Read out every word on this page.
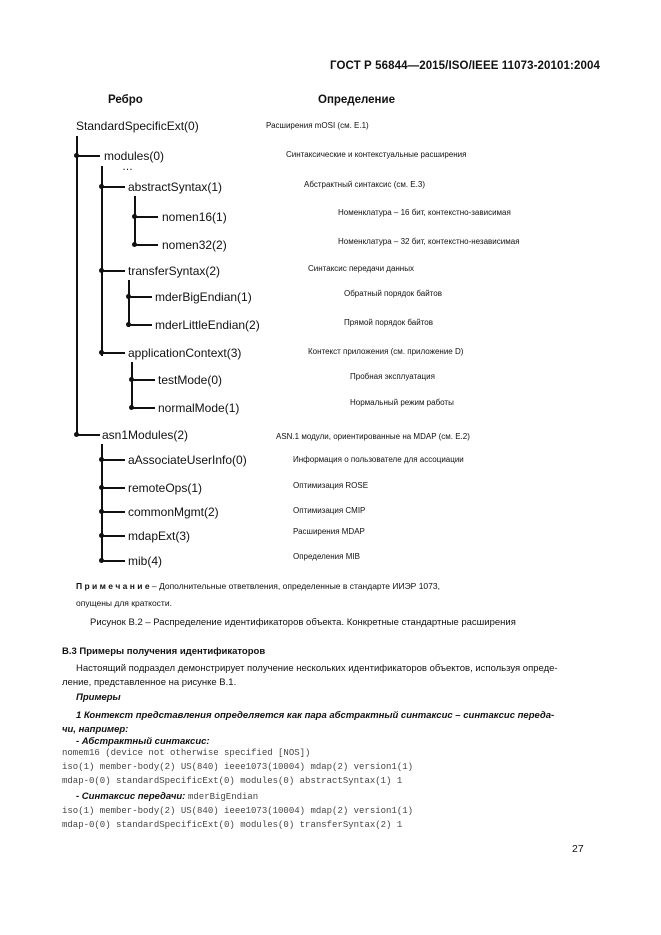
ГОСТ Р 56844—2015/ISO/IEEE 11073-20101:2004
Ребро	Определение
StandardSpecificExt(0)
modules(0)
…
abstractSyntax(1)
nomen16(1)
nomen32(2)
transferSyntax(2)
mderBigEndian(1)
mderLittleEndian(2)
applicationContext(3)
testMode(0)
normalMode(1)
asn1Modules(2)
aAssociateUserInfo(0)
remoteOps(1)
commonMgmt(2)
mdapExt(3)
mib(4)
Расширения mOSI (см. Е.1)
Синтаксические и контекстуальные расширения
Абстрактный синтаксис (см. Е.3)
Номенклатура – 16 бит, контекстно-зависимая
Номенклатура – 32 бит, контекстно-независимая
Синтаксис передачи данных
Обратный порядок байтов
Прямой порядок байтов
Контекст приложения (см. приложение D)
Пробная эксплуатация
Нормальный режим работы
ASN.1 модули, ориентированные на MDAP (см. Е.2)
Информация о пользователе для ассоциации
Оптимизация ROSE
Оптимизация CMIP
Расширения MDAP
Определения MIB
П р и м е ч а н и е – Дополнительные ответвления, определенные в стандарте ИИЭР 1073,
опущены для краткости.
Рисунок В.2 – Распределение идентификаторов объекта. Конкретные стандартные расширения
В.3 Примеры получения идентификаторов
Настоящий подраздел демонстрирует получение нескольких идентификаторов объектов, используя опреде-
ление, представленное на рисунке В.1.
Примеры
1 Контекст представления определяется как пара абстрактный синтаксис – синтаксис переда-
чи, например:
- Абстрактный синтаксис:
nomem16 (device not otherwise specified [NOS])
iso(1) member-body(2) US(840) ieee1073(10004) mdap(2) version1(1)
mdap-0(0) standardSpecificExt(0) modules(0) abstractSyntax(1) 1
- Синтаксис передачи: mderBigEndian
iso(1) member-body(2) US(840) ieee1073(10004) mdap(2) version1(1)
mdap-0(0) standardSpecificExt(0) modules(0) transferSyntax(2) 1
27
